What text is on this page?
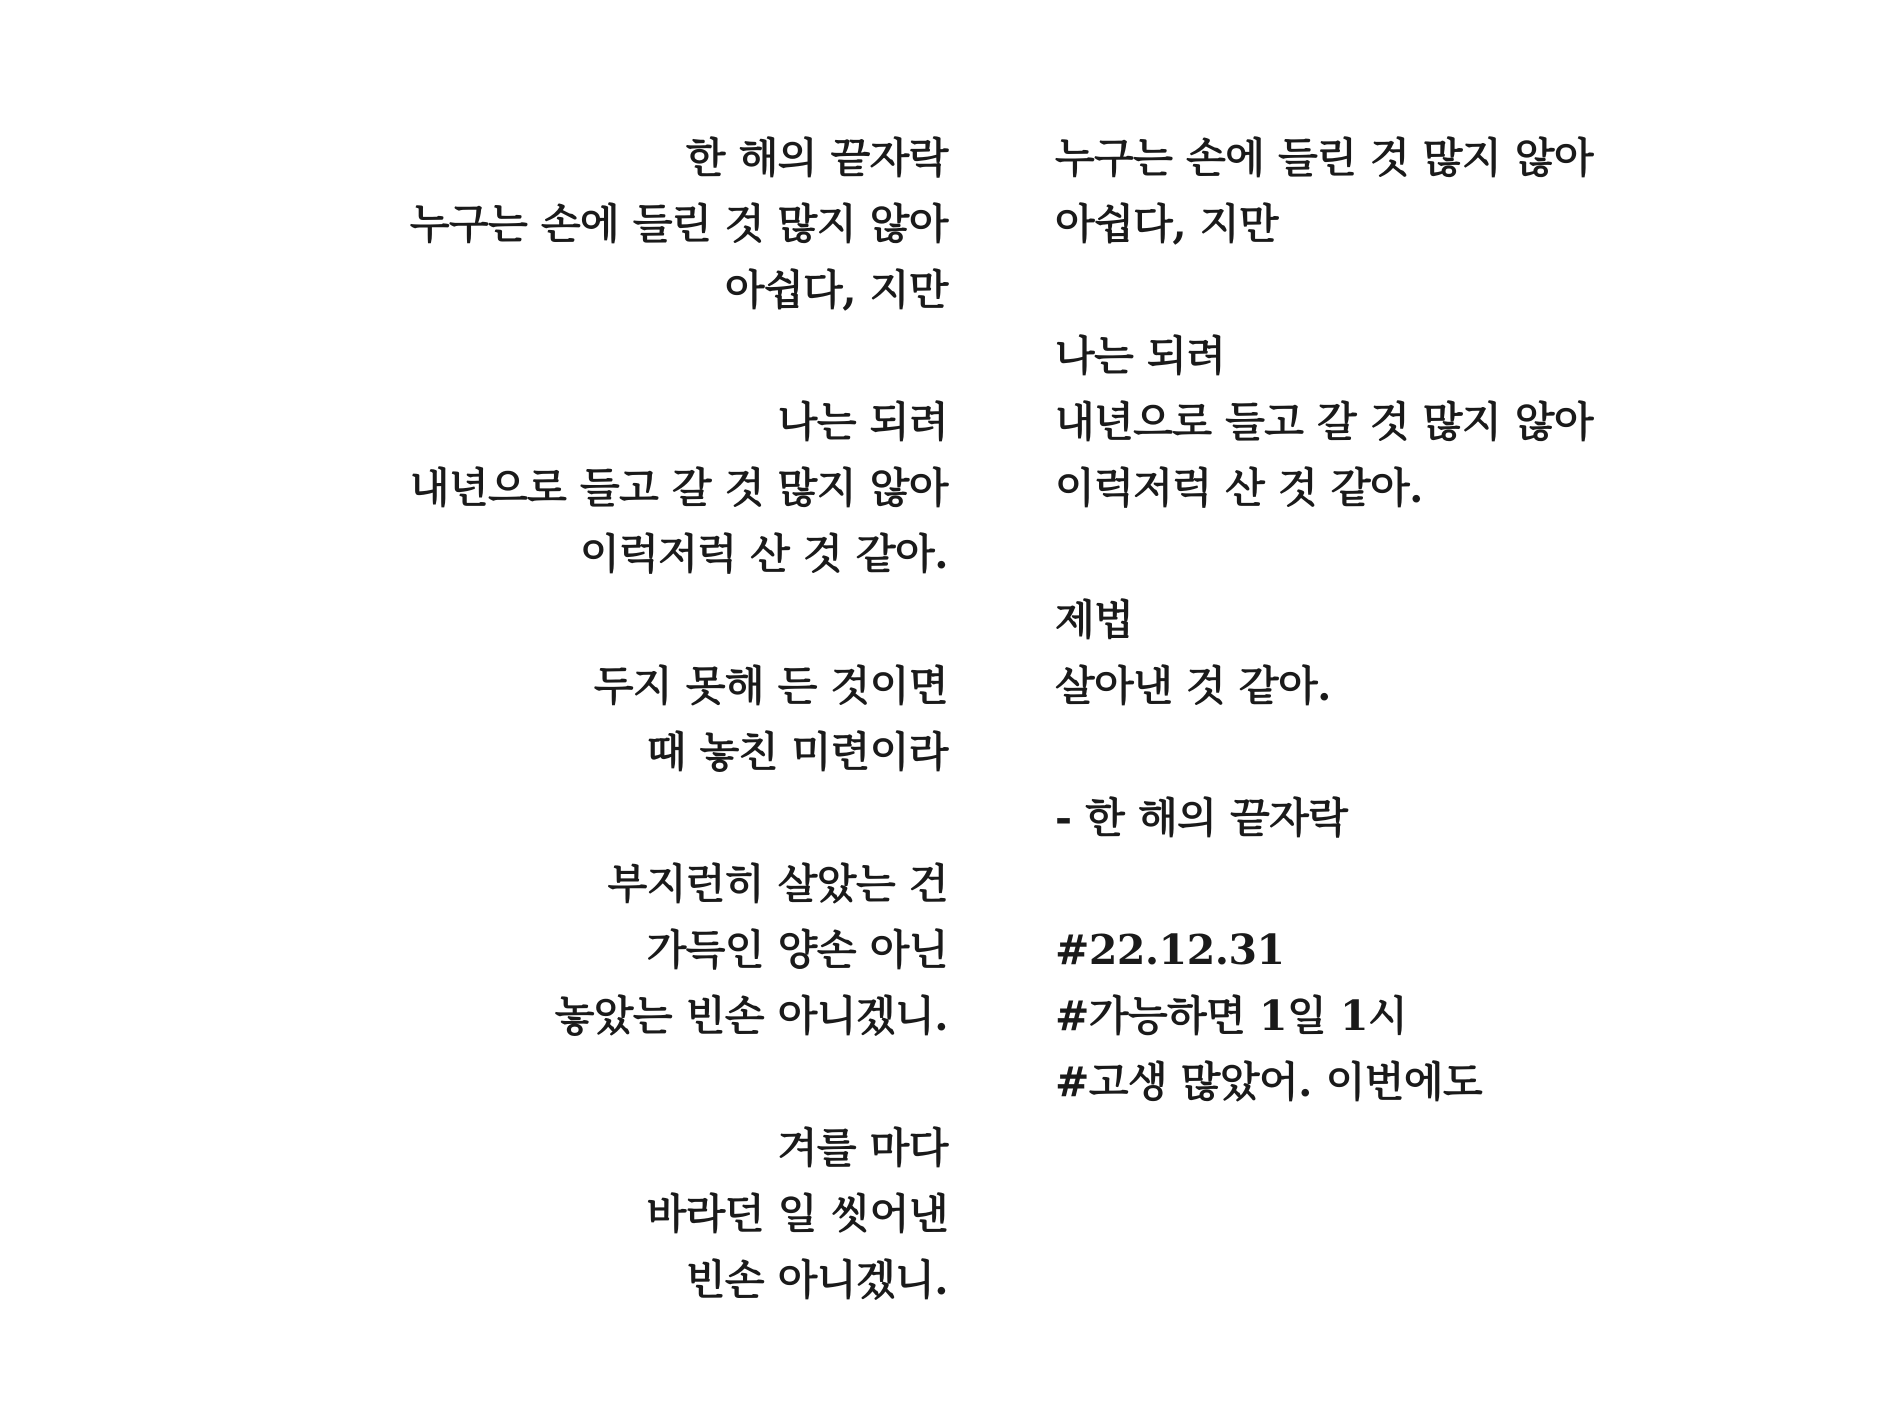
한 해의 끝자락
누구는 손에 들린 것 많지 않아
아쉽다, 지만
나는 되려
내년으로 들고 갈 것 많지 않아
이럭저럭 산 것 같아.
두지 못해 든 것이면
때 놓친 미련이라
부지런히 살았는 건
가득인 양손 아닌
놓았는 빈손 아니겠니.
겨를 마다
바라던 일 씻어낸
빈손 아니겠니.
누구는 손에 들린 것 많지 않아
아쉽다, 지만
나는 되려
내년으로 들고 갈 것 많지 않아
이럭저럭 산 것 같아.
제법
살아낸 것 같아.
- 한 해의 끝자락
#22.12.31
#가능하면 1일 1시
#고생 많았어. 이번에도
